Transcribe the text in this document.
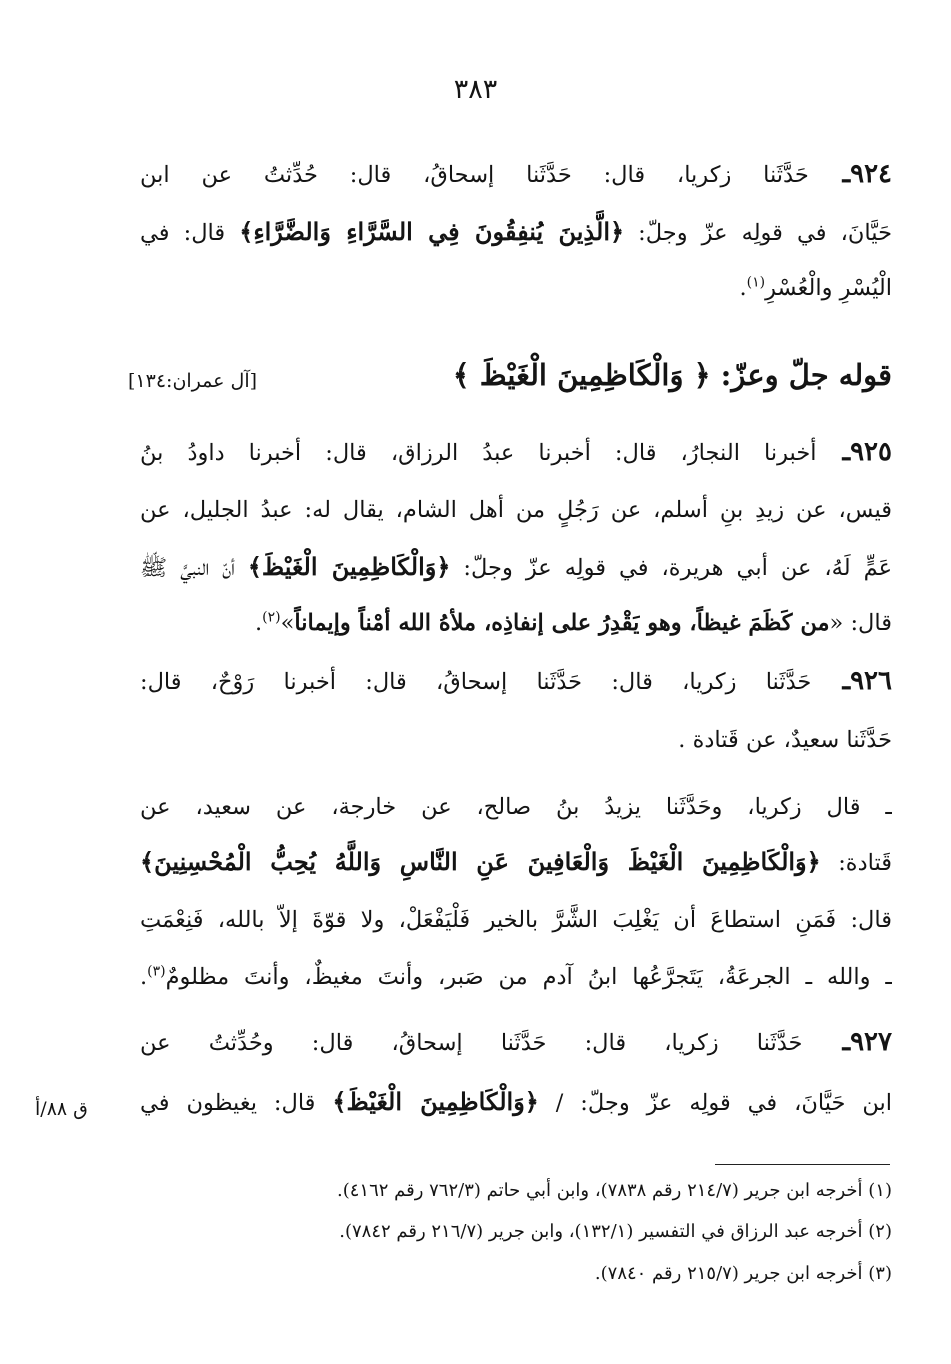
٣٨٣
٩٢٤ـ حَدَّثَنا زكريا، قال: حَدَّثَنا إسحاقُ، قال: حُدِّثتُ عن ابن
حَيَّانَ، في قولِه عزّ وجلّ: ﴿الَّذِينَ يُنفِقُونَ فِي السَّرَّاءِ وَالضَّرَّاءِ﴾ قال: في
الْيُسْرِ والْعُسْرِ$^{(١)}$.
٩٢٥ـ أخبرنا النجارُ، قال: أخبرنا عبدُ الرزاق، قال: أخبرنا داودُ بنُ
قيس، عن زيدِ بنِ أسلم، عن رَجُلٍ من أهل الشام، يقال له: عبدُ الجليل، عن
عَمٍّ لَهُ، عن أبي هريرة، في قولِه عزّ وجلّ: ﴿وَالْكَاظِمِينَ الْغَيْظَ﴾ أنّ النبيَّ ﷺ
قال: «من كَظَمَ غيظاً، وهو يَقْدِرُ على إنفاذِه، ملأهُ الله أمْناً وإيماناً»$^{(٢)}$.
٩٢٦ـ حَدَّثَنا زكريا، قال: حَدَّثَنا إسحاقُ، قال: أخبرنا رَوْحٌ، قال:
حَدَّثَنا سعيدٌ، عن قَتادة .
ـ قال زكريا، وحَدَّثَنا يزيدُ بنُ صالح، عن خارجة، عن سعيد، عن
قَتادة: ﴿وَالْكَاظِمِينَ الْغَيْظَ وَالْعَافِينَ عَنِ النَّاسِ وَاللَّهُ يُحِبُّ الْمُحْسِنِينَ﴾
قال: فَمَنِ استطاعَ أن يَغْلِبَ الشَّرَّ بالخير فَلْيَفْعَلْ، ولا قوّةَ إلاّ بالله، فَنِعْمَتِ
ـ والله ـ الجرعَةُ، يَتَجرَّعُها ابنُ آدم من صَبر، وأنتَ مغيظٌ، وأنتَ مظلومٌ$^{(٣)}$.
٩٢٧ـ حَدَّثَنا زكريا، قال: حَدَّثَنا إسحاقُ، قال: وحُدِّثتُ عن
ابن حَيَّانَ، في قولِه عزّ وجلّ: / ﴿وَالْكَاظِمِينَ الْغَيْظَ﴾ قال: يغيظون في
قوله جلّ وعزّ: ﴿ وَالْكَاظِمِينَ الْغَيْظَ ﴾
[آل عمران:١٣٤]
ق ٨٨/أ
(١) أخرجه ابن جرير (٢١٤/٧ رقم ٧٨٣٨)، وابن أبي حاتم (٧٦٢/٣ رقم ٤١٦٢).
(٢) أخرجه عبد الرزاق في التفسير (١٣٢/١)، وابن جرير (٢١٦/٧ رقم ٧٨٤٢).
(٣) أخرجه ابن جرير (٢١٥/٧ رقم ٧٨٤٠).
